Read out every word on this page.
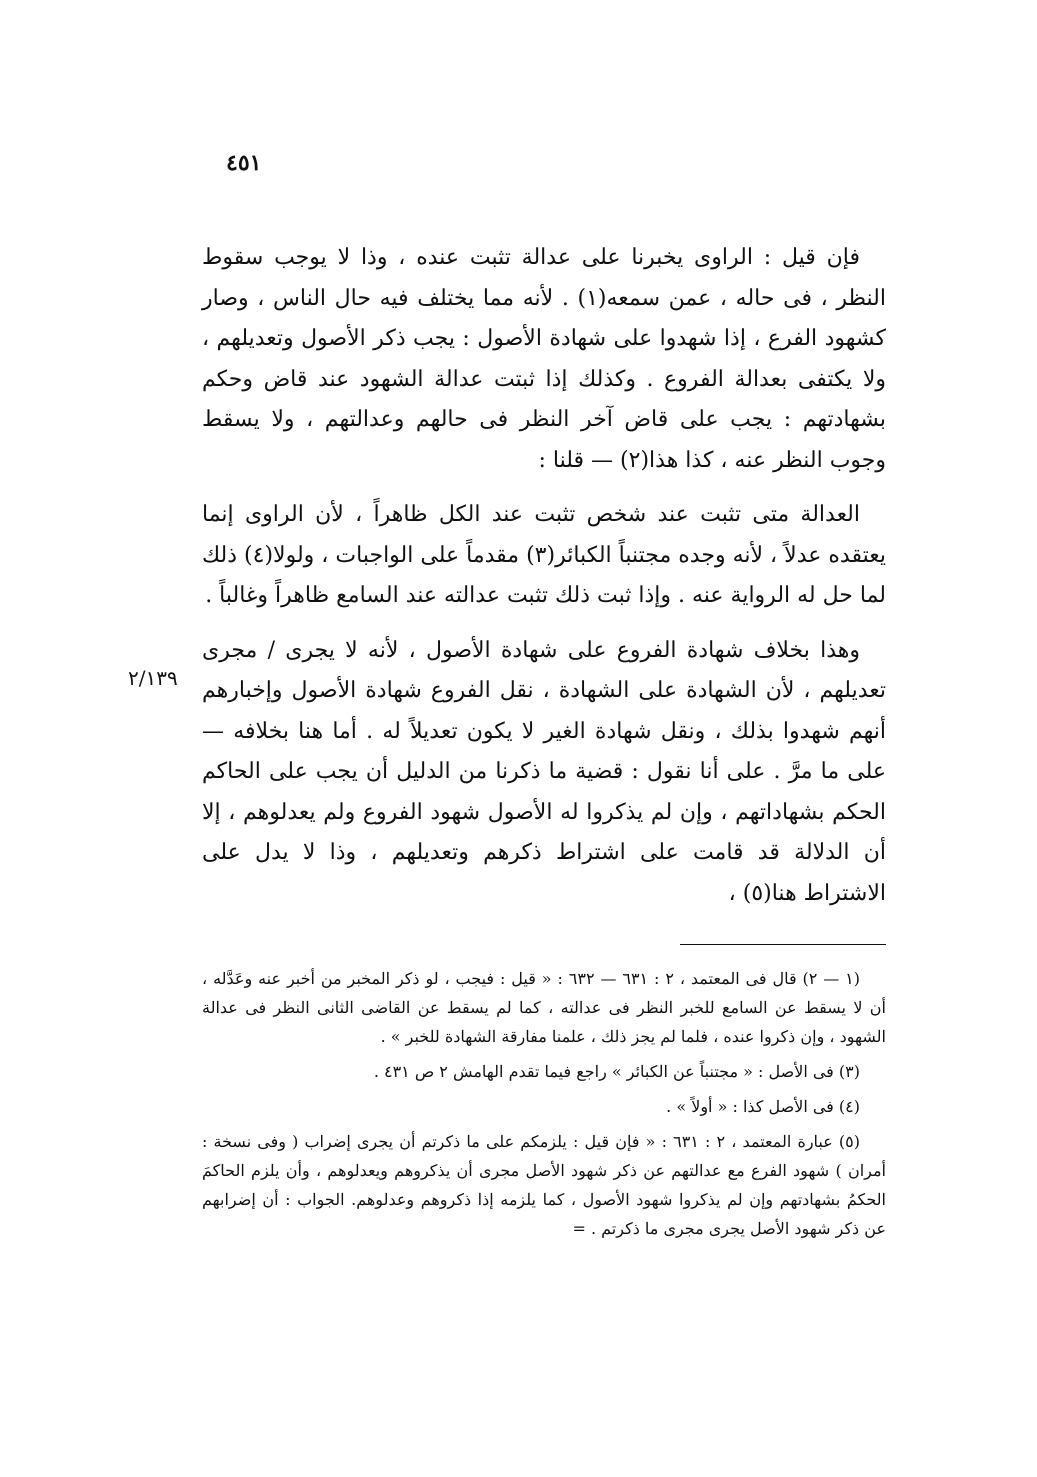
٤٥١

فإن قيل : الراوى يخبرنا على عدالة تثبت عنده ، وذا لا يوجب سقوط النظر ، فى حاله ، عمن سمعه(١) . لأنه مما يختلف فيه حال الناس ، وصار كشهود الفرع ، إذا شهدوا على شهادة الأصول : يجب ذكر الأصول وتعديلهم ، ولا يكتفى بعدالة الفروع . وكذلك إذا ثبتت عدالة الشهود عند قاض وحكم بشهادتهم : يجب على قاض آخر النظر فى حالهم وعدالتهم ، ولا يسقط وجوب النظر عنه ، كذا هذا(٢) — قلنا :

العدالة متى تثبت عند شخص تثبت عند الكل ظاهراً ، لأن الراوى إنما يعتقده عدلاً ، لأنه وجده مجتنباً الكبائر(٣) مقدماً على الواجبات ، ولولا(٤) ذلك لما حل له الرواية عنه . وإذا ثبت ذلك تثبت عدالته عند السامع ظاهراً وغالباً .

وهذا بخلاف شهادة الفروع على شهادة الأصول ، لأنه لا يجرى / مجرى تعديلهم ، لأن الشهادة على الشهادة ، نقل الفروع شهادة الأصول وإخبارهم أنهم شهدوا بذلك ، ونقل شهادة الغير لا يكون تعديلاً له . أما هنا بخلافه — على ما مرَّ . على أنا نقول : قضية ما ذكرنا من الدليل أن يجب على الحاكم الحكم بشهاداتهم ، وإن لم يذكروا له الأصول شهود الفروع ولم يعدلوهم ، إلا أن الدلالة قد قامت على اشتراط ذكرهم وتعديلهم ، وذا لا يدل على الاشتراط هنا(٥) ،

٢/١٣٩

(١ — ٢) قال فى المعتمد ، ٢ : ٦٣١ — ٦٣٢ : « قيل : فيجب ، لو ذكر المخبر من أخبر عنه وعَدَّله ، أن لا يسقط عن السامع للخبر النظر فى عدالته ، كما لم يسقط عن القاضى الثانى النظر فى عدالة الشهود ، وإن ذكروا عنده ، فلما لم يجز ذلك ، علمنا مفارقة الشهادة للخبر » .

(٣) فى الأصل : « مجتنباً عن الكبائر » راجع فيما تقدم الهامش ٢ ص ٤٣١ .

(٤) فى الأصل كذا : « أولاً » .

(٥) عبارة المعتمد ، ٢ : ٦٣١ : « فإن قيل : يلزمكم على ما ذكرتم أن يجرى إضراب ( وفى نسخة : أمران ) شهود الفرع مع عدالتهم عن ذكر شهود الأصل مجرى أن يذكروهم ويعدلوهم ، وأن يلزم الحاكمَ الحكمُ بشهادتهم وإن لم يذكروا شهود الأصول ، كما يلزمه إذا ذكروهم وعدلوهم. الجواب : أن إضرابهم عن ذكر شهود الأصل يجرى مجرى ما ذكرتم . =
